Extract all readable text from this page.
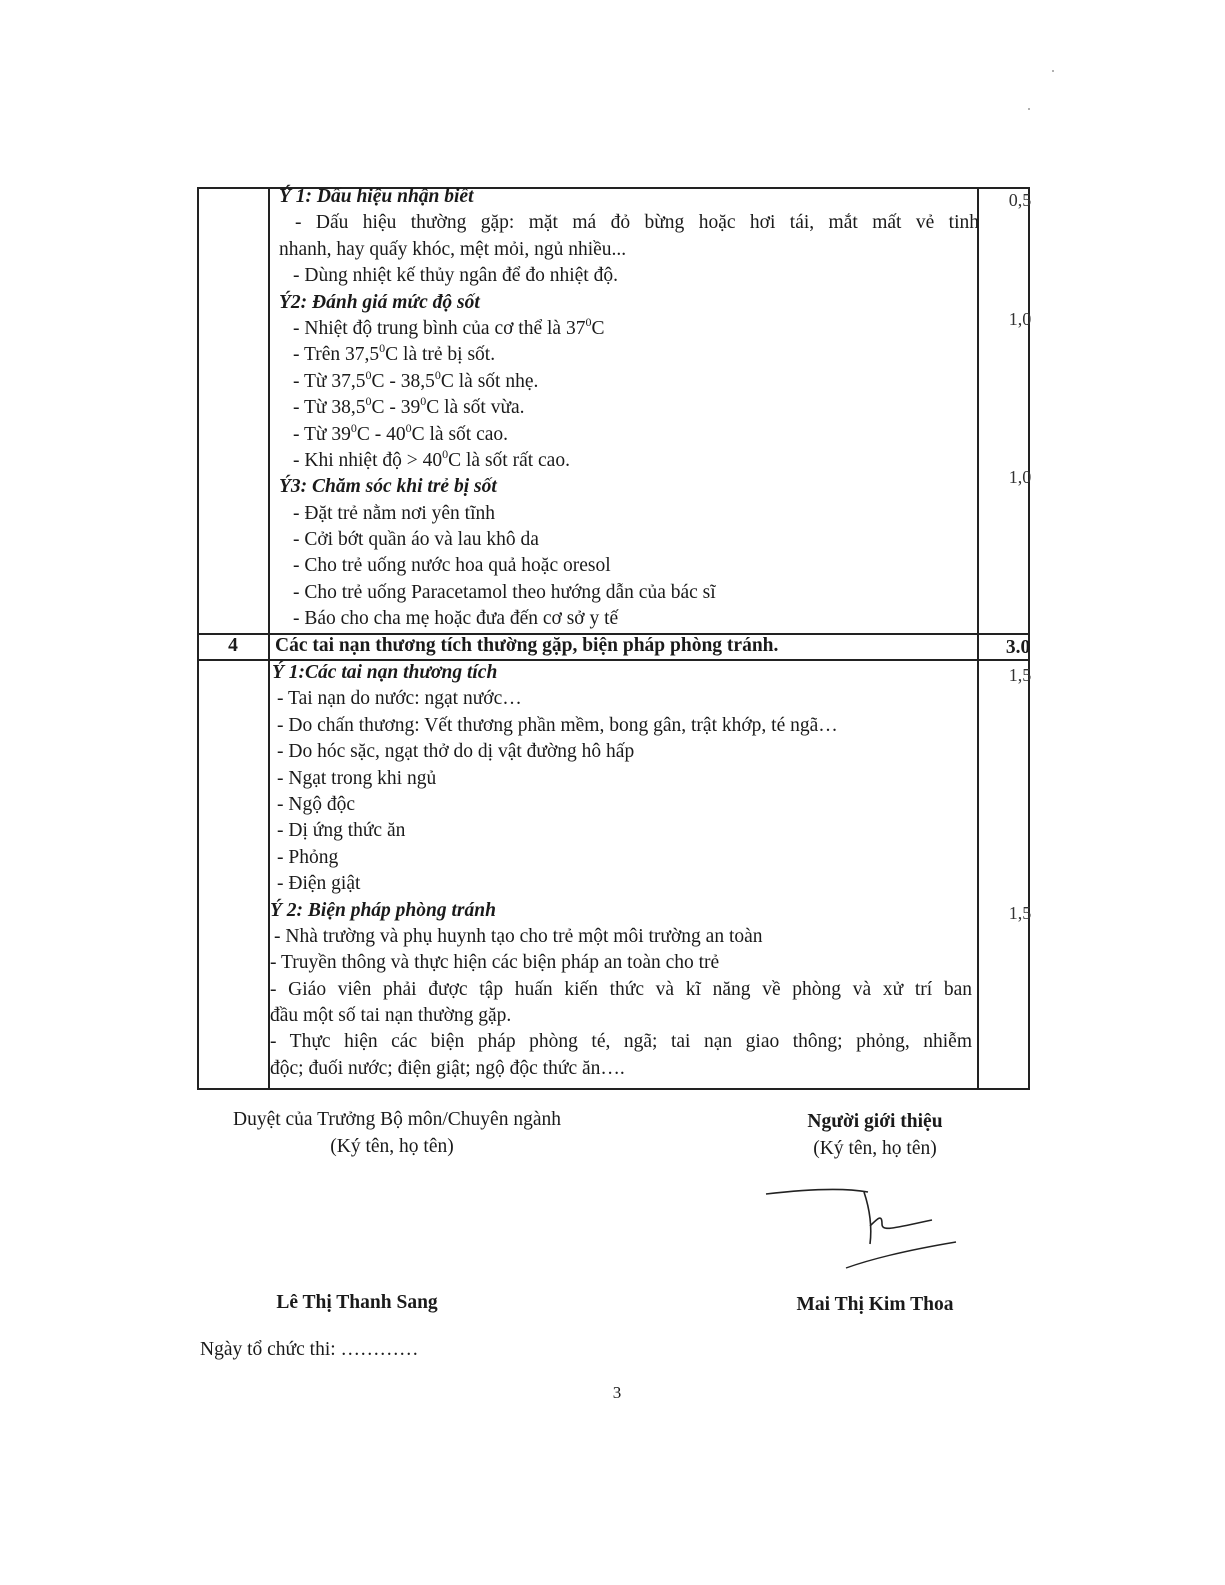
Ý 1: Dấu hiệu nhận biết
- Dấu hiệu thường gặp: mặt má đỏ bừng hoặc hơi tái, mắt mất vẻ tinh
nhanh, hay quấy khóc, mệt mỏi, ngủ nhiều...
- Dùng nhiệt kế thủy ngân để đo nhiệt độ.
Ý2: Đánh giá mức độ sốt
- Nhiệt độ trung bình của cơ thể là $37^0C$
- Trên 37,5$^0$C là trẻ bị sốt.
- Từ 37,5$^0$C - 38,5$^0$C là sốt nhẹ.
- Từ $38,5^0C - 39^0C$ là sốt vừa.
- Từ $39^0C - 40^0C$ là sốt cao.
- Khi nhiệt độ > $40^0C$ là sốt rất cao.
Ý3: Chăm sóc khi trẻ bị sốt
- Đặt trẻ nằm nơi yên tĩnh
- Cởi bớt quần áo và lau khô da
- Cho trẻ uống nước hoa quả hoặc oresol
- Cho trẻ uống Paracetamol theo hướng dẫn của bác sĩ
- Báo cho cha mẹ hoặc đưa đến cơ sở y tế
0,5
1,0
1,0
4	Các tai nạn thương tích thường gặp, biện pháp phòng tránh.	3.0
Ý 1:Các tai nạn thương tích
- Tai nạn do nước: ngạt nước…
- Do chấn thương: Vết thương phần mềm, bong gân, trật khớp, té ngã…
- Do hóc sặc, ngạt thở do dị vật đường hô hấp
- Ngạt trong khi ngủ
- Ngộ độc
- Dị ứng thức ăn
- Phỏng
- Điện giật
Ý 2: Biện pháp phòng tránh
- Nhà trường và phụ huynh tạo cho trẻ một môi trường an toàn
- Truyền thông và thực hiện các biện pháp an toàn cho trẻ
- Giáo viên phải được tập huấn kiến thức và kĩ năng về phòng và xử trí ban
đầu một số tai nạn thường gặp.
- Thực hiện các biện pháp phòng té, ngã; tai nạn giao thông; phỏng, nhiễm
độc; đuối nước; điện giật; ngộ độc thức ăn….
1,5
1,5
Duyệt của Trưởng Bộ môn/Chuyên ngành
(Ký tên, họ tên)
Lê Thị Thanh Sang
Người giới thiệu
(Ký tên, họ tên)
Mai Thị Kim Thoa
Ngày tổ chức thi: …………
3
